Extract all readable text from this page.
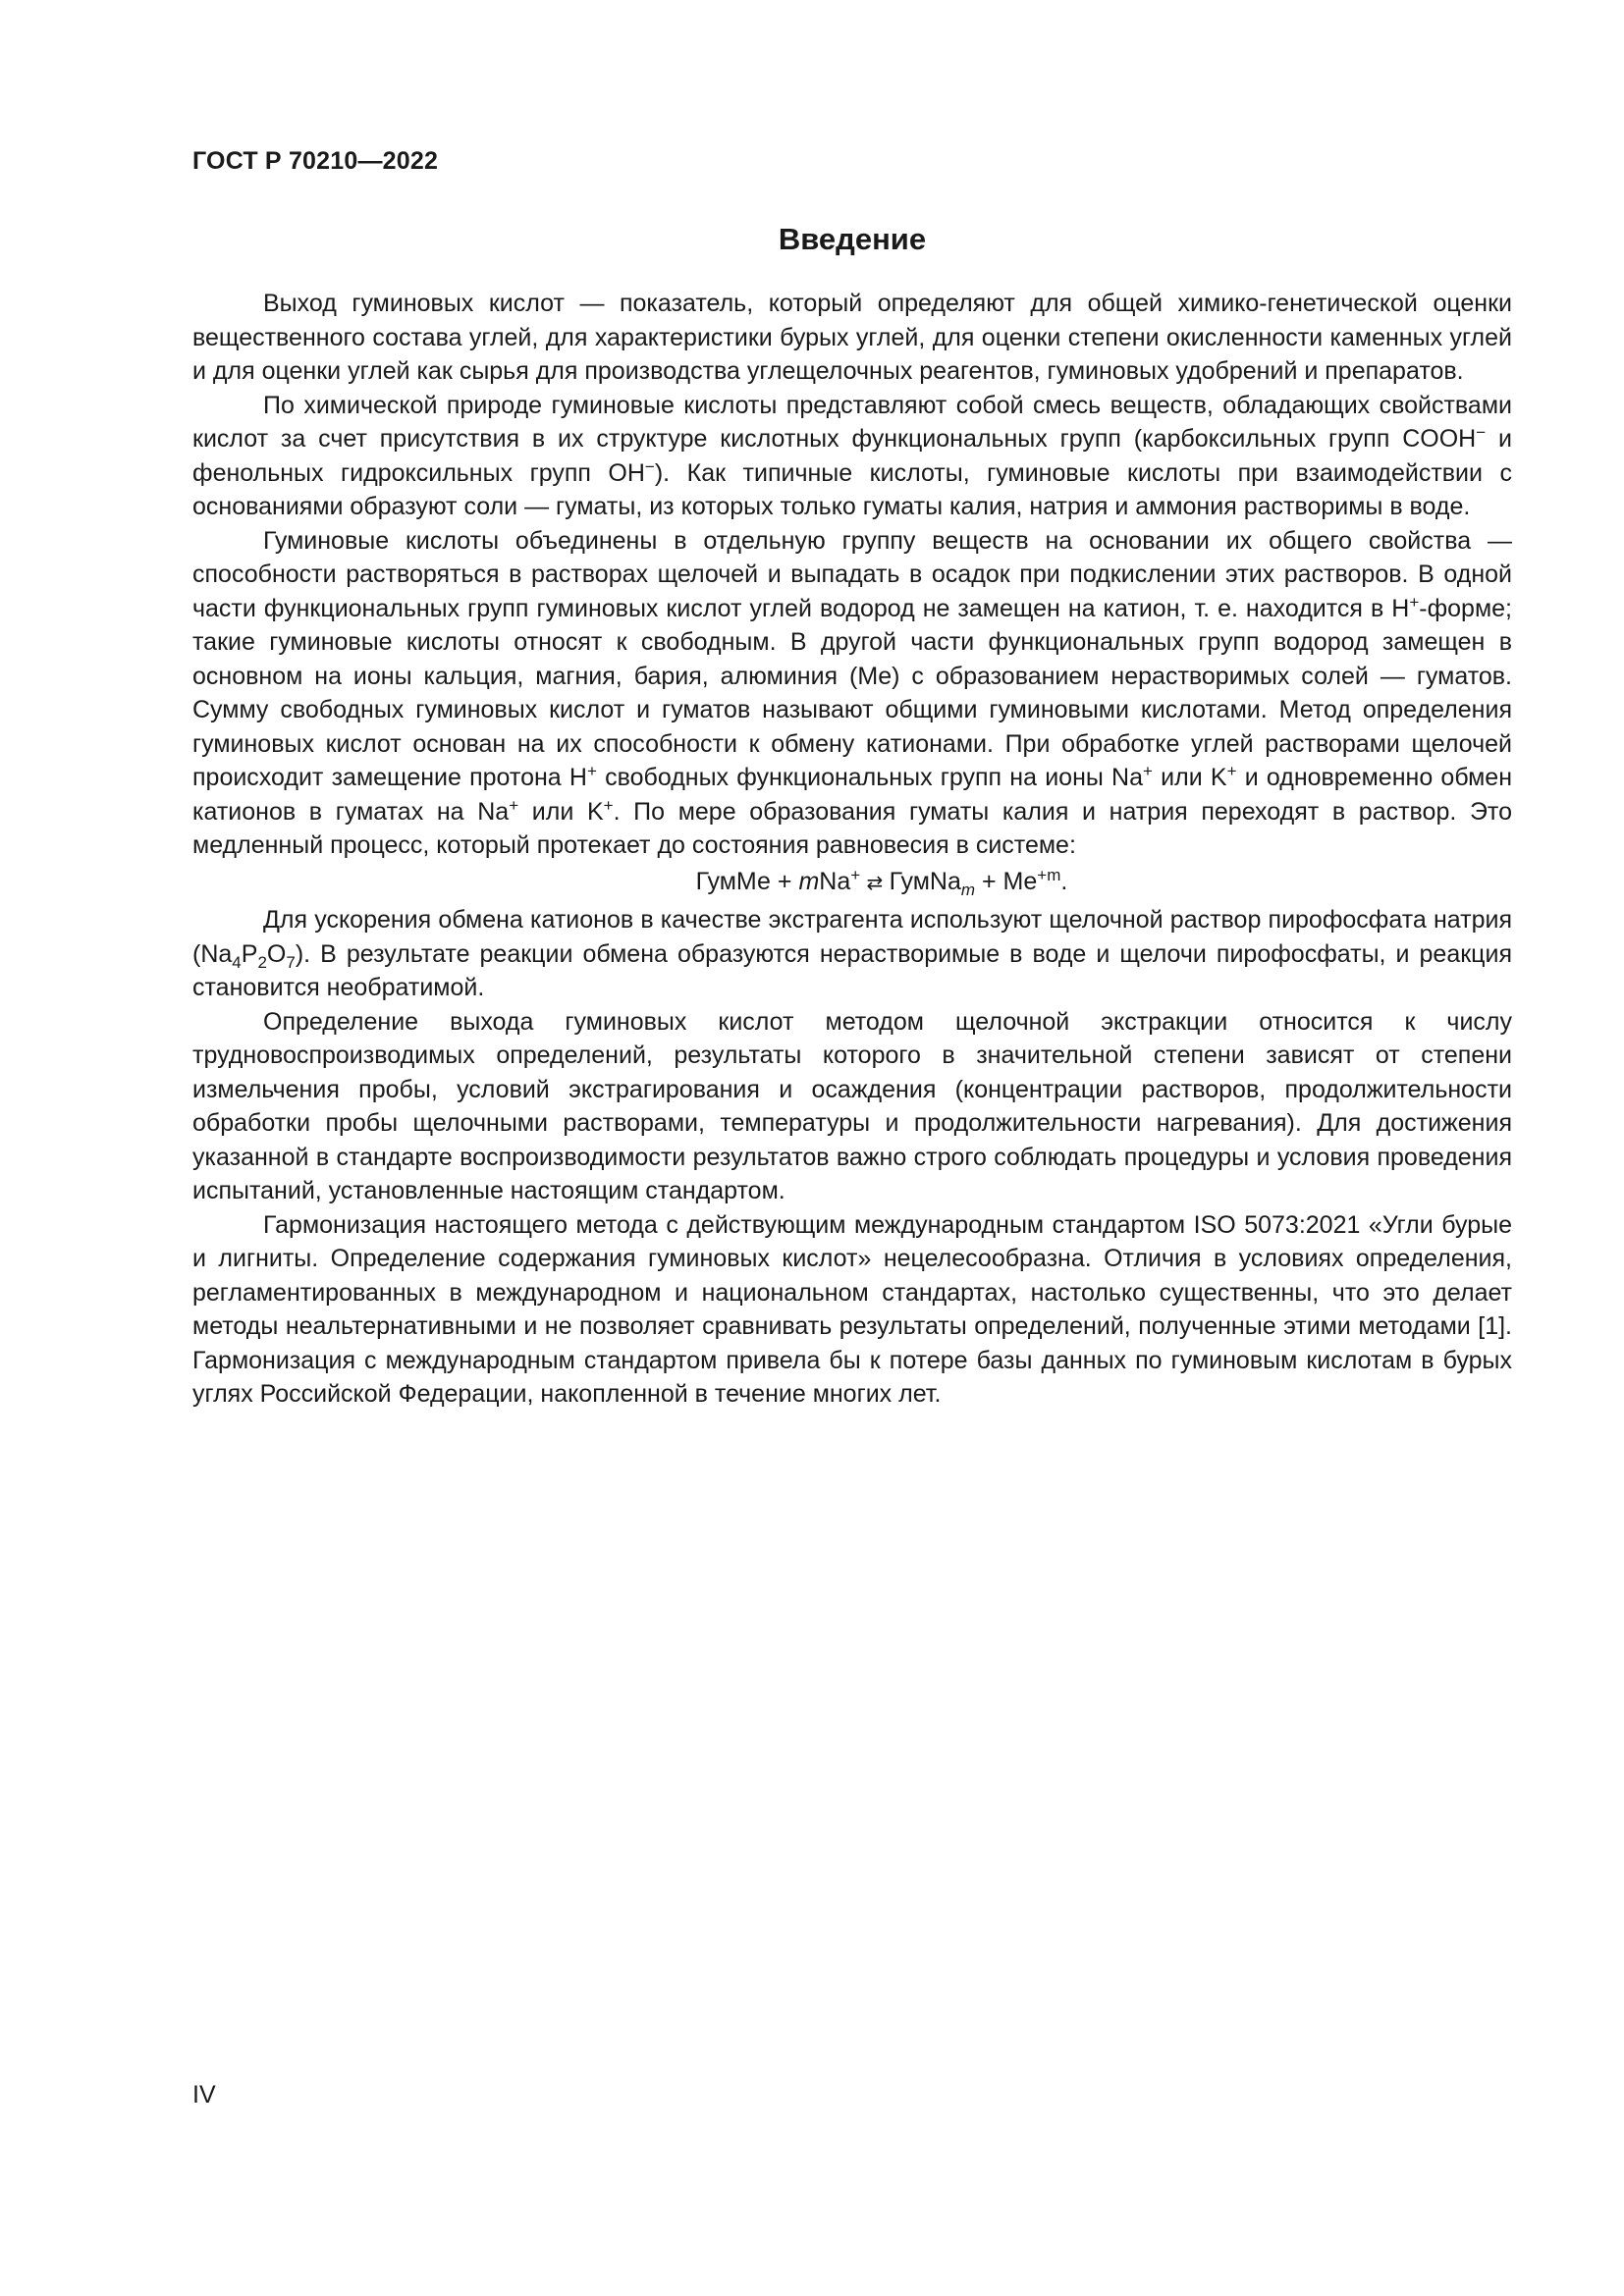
ГОСТ Р 70210—2022

Введение

Выход гуминовых кислот — показатель, который определяют для общей химико-генетической оценки вещественного состава углей, для характеристики бурых углей, для оценки степени окисленности каменных углей и для оценки углей как сырья для производства углещелочных реагентов, гуминовых удобрений и препаратов.

По химической природе гуминовые кислоты представляют собой смесь веществ, обладающих свойствами кислот за счет присутствия в их структуре кислотных функциональных групп (карбоксильных групп COOH− и фенольных гидроксильных групп OH−). Как типичные кислоты, гуминовые кислоты при взаимодействии с основаниями образуют соли — гуматы, из которых только гуматы калия, натрия и аммония растворимы в воде.

Гуминовые кислоты объединены в отдельную группу веществ на основании их общего свойства — способности растворяться в растворах щелочей и выпадать в осадок при подкислении этих растворов. В одной части функциональных групп гуминовых кислот углей водород не замещен на катион, т. е. находится в H+-форме; такие гуминовые кислоты относят к свободным. В другой части функциональных групп водород замещен в основном на ионы кальция, магния, бария, алюминия (Me) с образованием нерастворимых солей — гуматов. Сумму свободных гуминовых кислот и гуматов называют общими гуминовыми кислотами. Метод определения гуминовых кислот основан на их способности к обмену катионами. При обработке углей растворами щелочей происходит замещение протона H+ свободных функциональных групп на ионы Na+ или K+ и одновременно обмен катионов в гуматах на Na+ или K+. По мере образования гуматы калия и натрия переходят в раствор. Это медленный процесс, который протекает до состояния равновесия в системе:

ГумМе + mNa+ ⇄ ГумNa$_m$ + $Me^{+m}$.

Для ускорения обмена катионов в качестве экстрагента используют щелочной раствор пирофосфата натрия $(Na_4P_2O_7)$. В результате реакции обмена образуются нерастворимые в воде и щелочи пирофосфаты, и реакция становится необратимой.

Определение выхода гуминовых кислот методом щелочной экстракции относится к числу трудновоспроизводимых определений, результаты которого в значительной степени зависят от степени измельчения пробы, условий экстрагирования и осаждения (концентрации растворов, продолжительности обработки пробы щелочными растворами, температуры и продолжительности нагревания). Для достижения указанной в стандарте воспроизводимости результатов важно строго соблюдать процедуры и условия проведения испытаний, установленные настоящим стандартом.

Гармонизация настоящего метода с действующим международным стандартом ISO 5073:2021 «Угли бурые и лигниты. Определение содержания гуминовых кислот» нецелесообразна. Отличия в условиях определения, регламентированных в международном и национальном стандартах, настолько существенны, что это делает методы неальтернативными и не позволяет сравнивать результаты определений, полученные этими методами [1]. Гармонизация с международным стандартом привела бы к потере базы данных по гуминовым кислотам в бурых углях Российской Федерации, накопленной в течение многих лет.

IV
